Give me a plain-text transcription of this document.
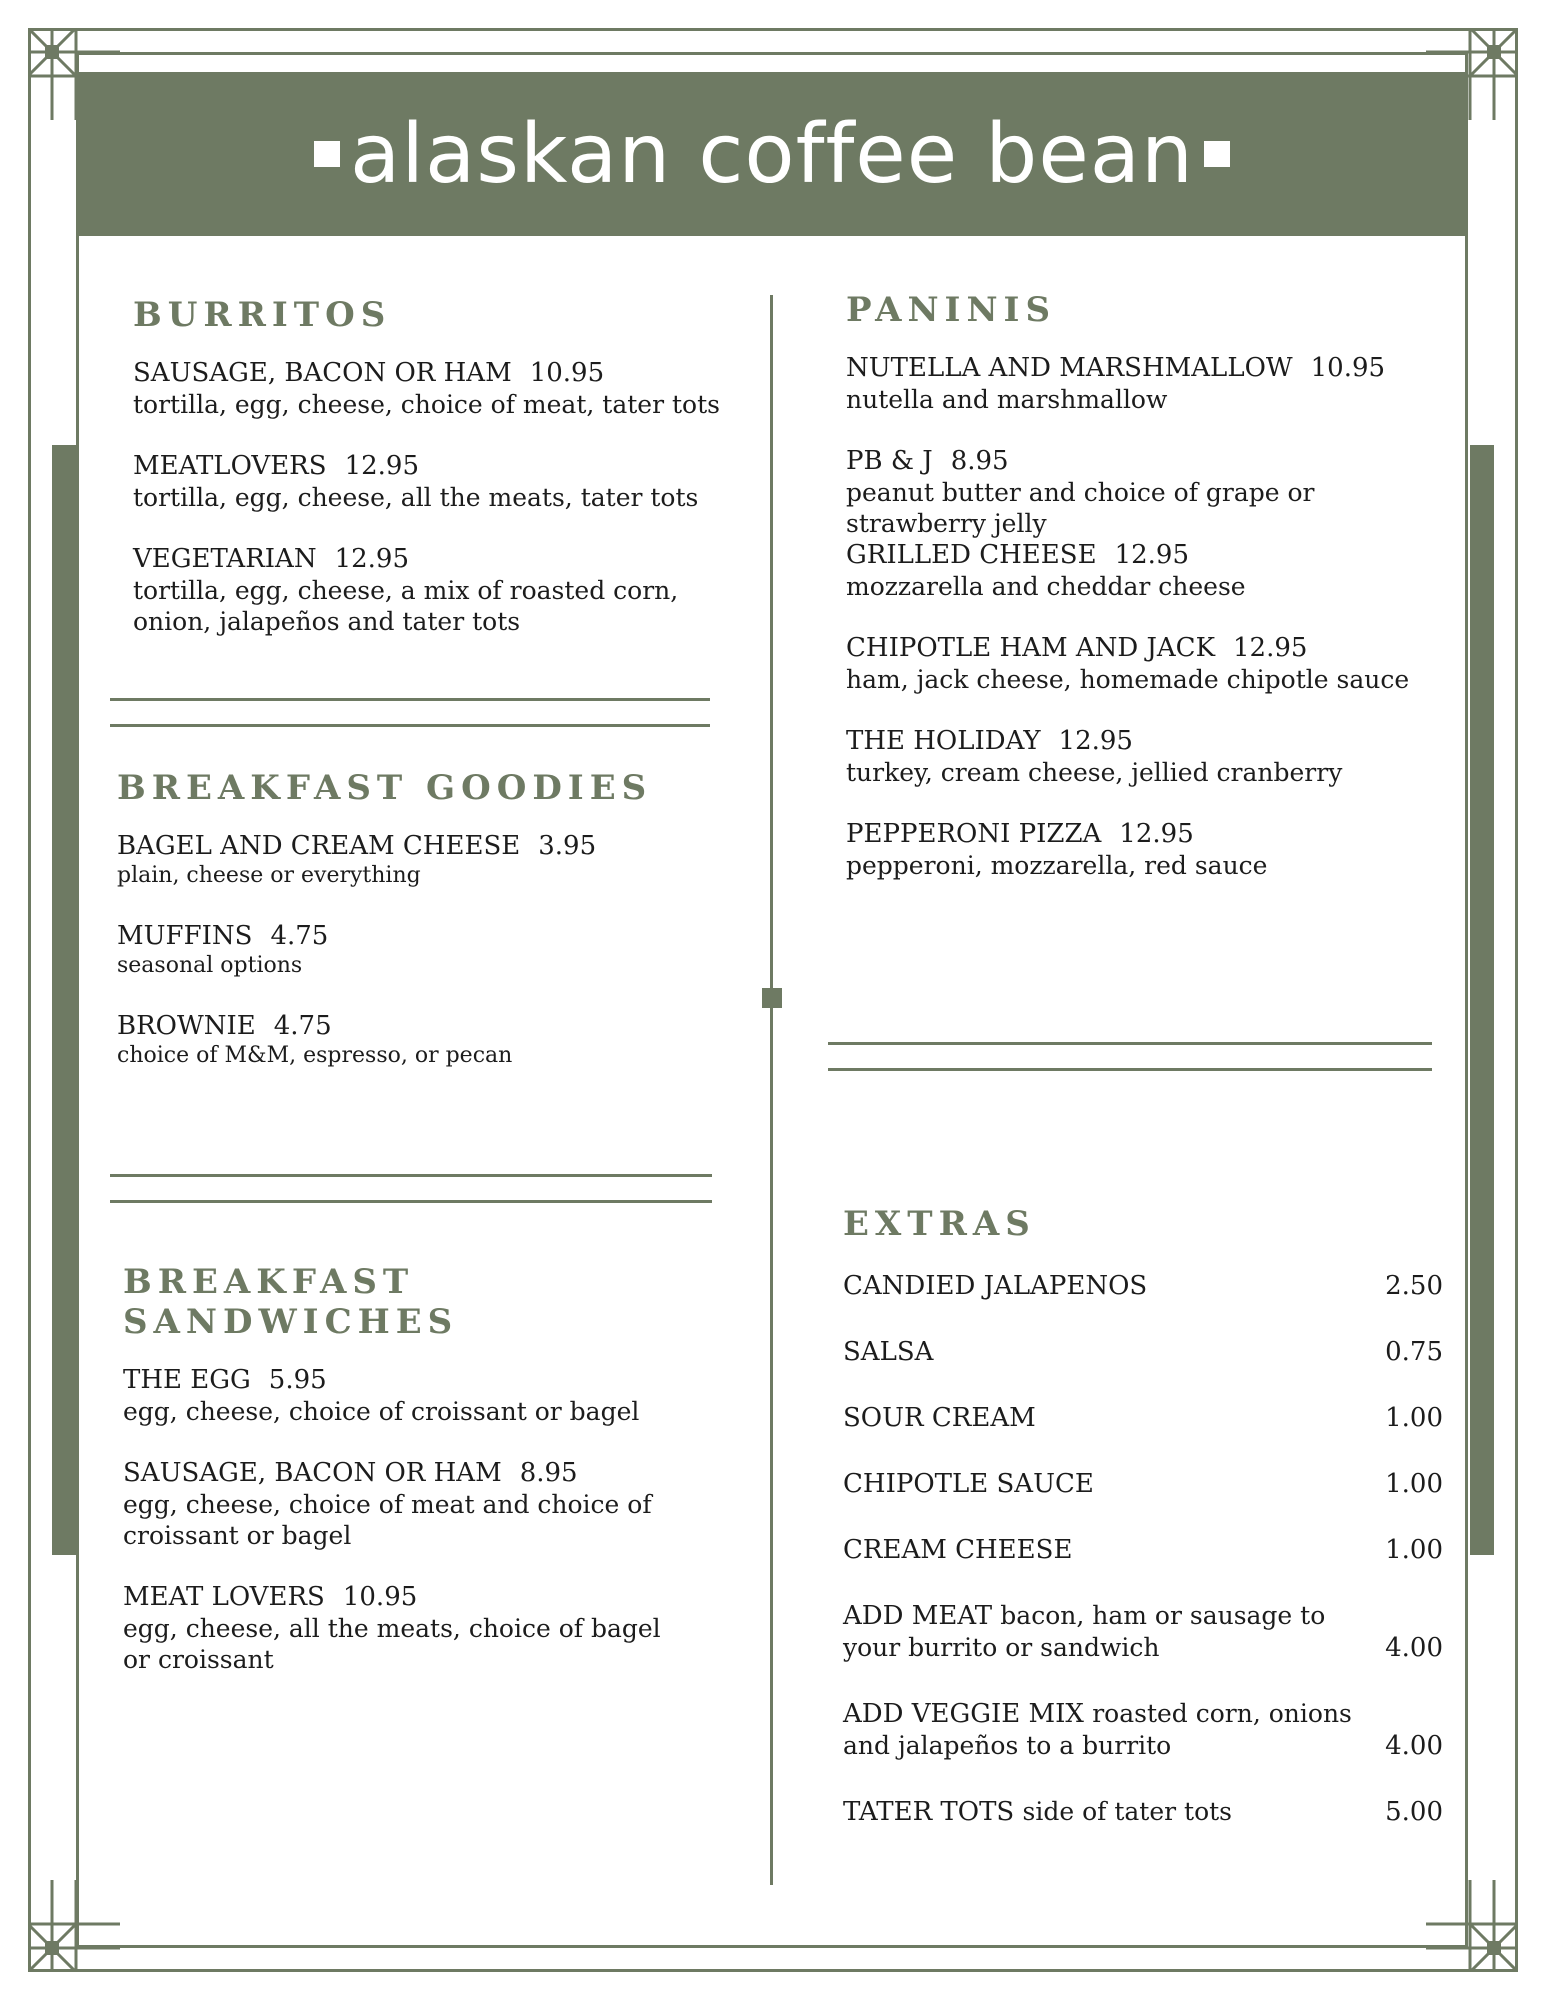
alaskan coffee bean
BURRITOS
SAUSAGE, BACON OR HAM 10.95
tortilla, egg, cheese, choice of meat, tater tots
MEATLOVERS 12.95
tortilla, egg, cheese, all the meats, tater tots
VEGETARIAN 12.95
tortilla, egg, cheese, a mix of roasted corn, onion, jalapeños and tater tots
BREAKFAST GOODIES
BAGEL AND CREAM CHEESE 3.95
plain, cheese or everything
MUFFINS 4.75
seasonal options
BROWNIE 4.75
choice of M&M, espresso, or pecan
BREAKFAST SANDWICHES
THE EGG 5.95
egg, cheese, choice of croissant or bagel
SAUSAGE, BACON OR HAM 8.95
egg, cheese, choice of meat and choice of croissant or bagel
MEAT LOVERS 10.95
egg, cheese, all the meats, choice of bagel or croissant
PANINIS
NUTELLA AND MARSHMALLOW 10.95
nutella and marshmallow
PB & J 8.95
peanut butter and choice of grape or strawberry jelly
GRILLED CHEESE 12.95
mozzarella and cheddar cheese
CHIPOTLE HAM AND JACK 12.95
ham, jack cheese, homemade chipotle sauce
THE HOLIDAY 12.95
turkey, cream cheese, jellied cranberry
PEPPERONI PIZZA 12.95
pepperoni, mozzarella, red sauce
EXTRAS
CANDIED JALAPENOS	2.50
SALSA	0.75
SOUR CREAM	1.00
CHIPOTLE SAUCE	1.00
CREAM CHEESE	1.00
ADD MEAT bacon, ham or sausage to your burrito or sandwich	4.00
ADD VEGGIE MIX roasted corn, onions and jalapeños to a burrito	4.00
TATER TOTS side of tater tots	5.00
